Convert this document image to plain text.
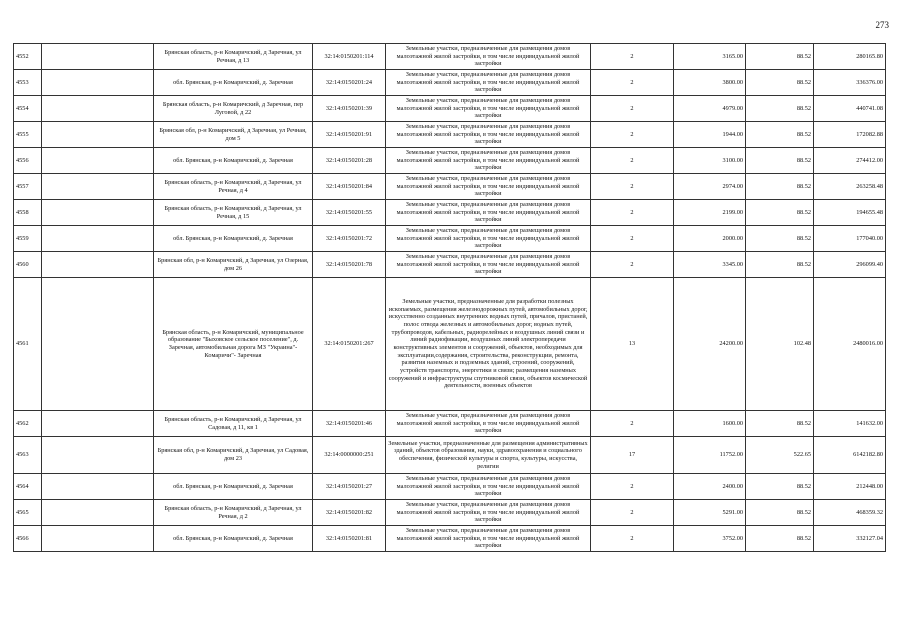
273
4552		Брянская область, р-н Комаричский, д Заречная, ул Речная, д 13	32:14:0150201:114	Земельные участки, предназначенные для размещения домов малоэтажной жилой застройки, в том числе индивидуальной жилой застройки	2	3165.00	88.52	280165.80
4553		обл. Брянская, р-н Комаричский, д. Заречная	32:14:0150201:24	Земельные участки, предназначенные для размещения домов малоэтажной жилой застройки, в том числе индивидуальной жилой застройки	2	3800.00	88.52	336376.00
4554		Брянская область, р-н Комаричский, д Заречная, пер Луговой, д 22	32:14:0150201:39	Земельные участки, предназначенные для размещения домов малоэтажной жилой застройки, в том числе индивидуальной жилой застройки	2	4979.00	88.52	440741.08
4555		Брянская обл, р-н Комаричский, д Заречная, ул Речная, дом 5	32:14:0150201:91	Земельные участки, предназначенные для размещения домов малоэтажной жилой застройки, в том числе индивидуальной жилой застройки	2	1944.00	88.52	172082.88
4556		обл. Брянская, р-н Комаричский, д. Заречная	32:14:0150201:28	Земельные участки, предназначенные для размещения домов малоэтажной жилой застройки, в том числе индивидуальной жилой застройки	2	3100.00	88.52	274412.00
4557		Брянская область, р-н Комаричский, д Заречная, ул Речная, д 4	32:14:0150201:84	Земельные участки, предназначенные для размещения домов малоэтажной жилой застройки, в том числе индивидуальной жилой застройки	2	2974.00	88.52	263258.48
4558		Брянская область, р-н Комаричский, д Заречная, ул Речная, д 15	32:14:0150201:55	Земельные участки, предназначенные для размещения домов малоэтажной жилой застройки, в том числе индивидуальной жилой застройки	2	2199.00	88.52	194655.48
4559		обл. Брянская, р-н Комаричский, д. Заречная	32:14:0150201:72	Земельные участки, предназначенные для размещения домов малоэтажной жилой застройки, в том числе индивидуальной жилой застройки	2	2000.00	88.52	177040.00
4560		Брянская обл, р-н Комаричский, д Заречная, ул Озерная, дом 26	32:14:0150201:78	Земельные участки, предназначенные для размещения домов малоэтажной жилой застройки, в том числе индивидуальной жилой застройки	2	3345.00	88.52	296099.40
4561		Брянская область, р-н Комаричский, муниципальное образование "Быховское сельское поселение", д. Заречная, автомобильная дорога МЗ "Украина"-Комаричи"- Заречная	32:14:0150201:267	Земельные участки, предназначенные для разработки полезных ископаемых, размещения железнодорожных путей, автомобильных дорог, искусственно созданных внутренних водных путей, причалов, пристаней, полос отвода железных и автомобильных дорог, водных путей, трубопроводов, кабельных, радиорелейных и воздушных линий связи и линий радиофикации, воздушных линий электропередачи конструктивных элементов и сооружений, объектов, необходимых для эксплуатации,содержания, строительства, реконструкции, ремонта, развития наземных и подземных зданий, строений, сооружений, устройств транспорта, энергетики и связи; размещения наземных сооружений и инфраструктуры спутниковой связи, объектов космической деятельности, военных объектов	13	24200.00	102.48	2480016.00
4562		Брянская область, р-н Комаричский, д Заречная, ул Садовая, д 11, кв 1	32:14:0150201:46	Земельные участки, предназначенные для размещения домов малоэтажной жилой застройки, в том числе индивидуальной жилой застройки	2	1600.00	88.52	141632.00
4563		Брянская обл, р-н Комаричский, д Заречная, ул Садовая, дом 23	32:14:0000000:251	Земельные участки, предназначенные для размещения административных зданий, объектов образования, науки, здравоохранения и социального обеспечения, физической культуры и спорта, культуры, искусства, религии	17	11752.00	522.65	6142182.80
4564		обл. Брянская, р-н Комаричский, д. Заречная	32:14:0150201:27	Земельные участки, предназначенные для размещения домов малоэтажной жилой застройки, в том числе индивидуальной жилой застройки	2	2400.00	88.52	212448.00
4565		Брянская область, р-н Комаричский, д Заречная, ул Речная, д 2	32:14:0150201:82	Земельные участки, предназначенные для размещения домов малоэтажной жилой застройки, в том числе индивидуальной жилой застройки	2	5291.00	88.52	468359.32
4566		обл. Брянская, р-н Комаричский, д. Заречная	32:14:0150201:81	Земельные участки, предназначенные для размещения домов малоэтажной жилой застройки, в том числе индивидуальной жилой застройки	2	3752.00	88.52	332127.04
